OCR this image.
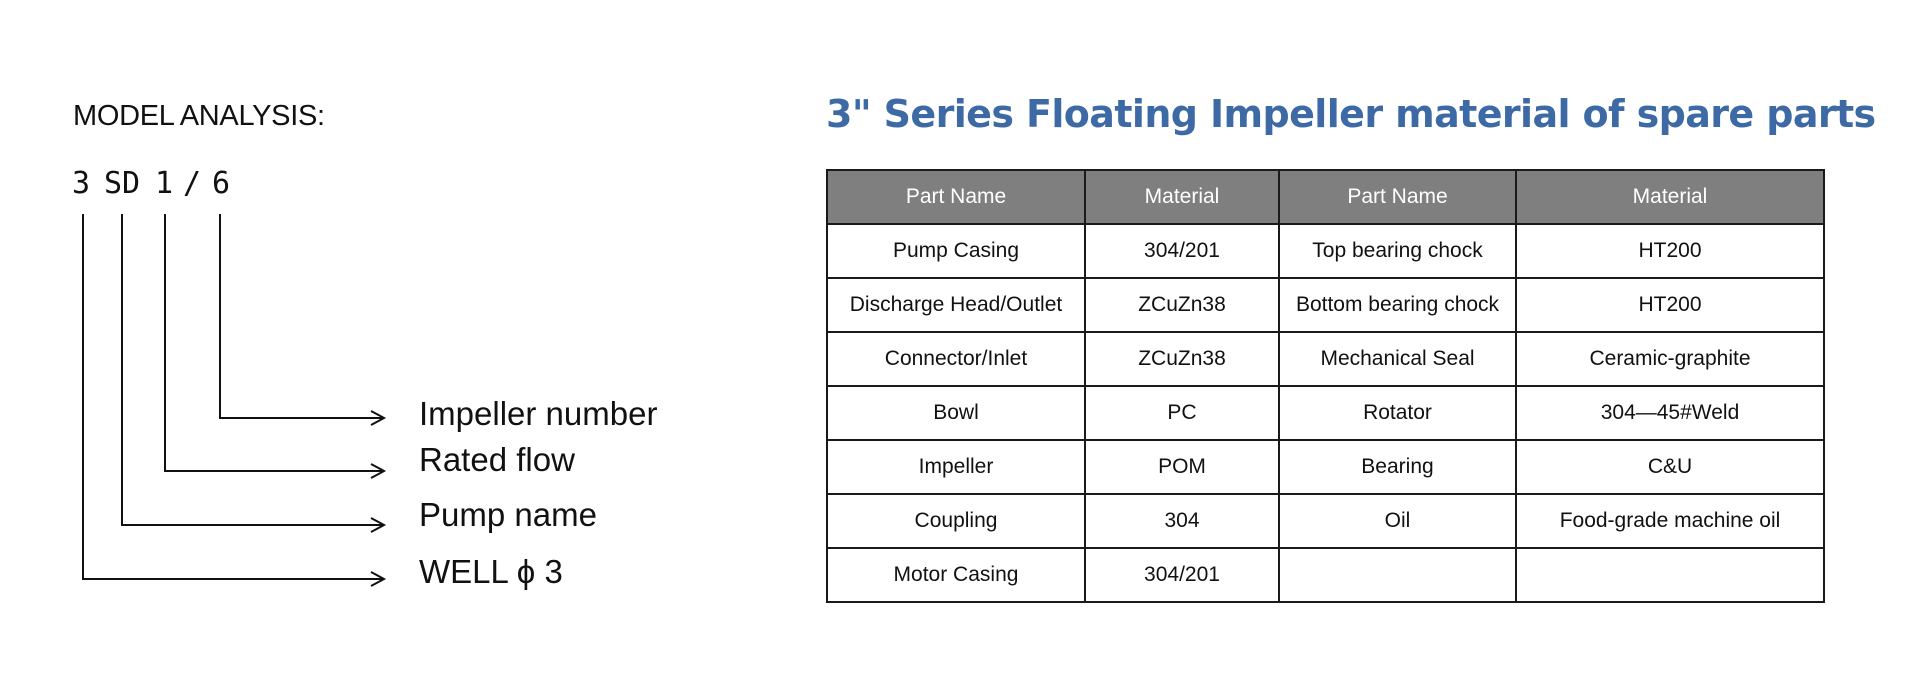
MODEL ANALYSIS:
3 SD 1 / 6
Impeller number
Rated flow
Pump name
WELL ϕ 3
3" Series Floating Impeller material of spare parts
Part Name	Material	Part Name	Material
Pump Casing	304/201	Top bearing chock	HT200
Discharge Head/Outlet	ZCuZn38	Bottom bearing chock	HT200
Connector/Inlet	ZCuZn38	Mechanical Seal	Ceramic-graphite
Bowl	PC	Rotator	304—45#Weld
Impeller	POM	Bearing	C&U
Coupling	304	Oil	Food-grade machine oil
Motor Casing	304/201		
